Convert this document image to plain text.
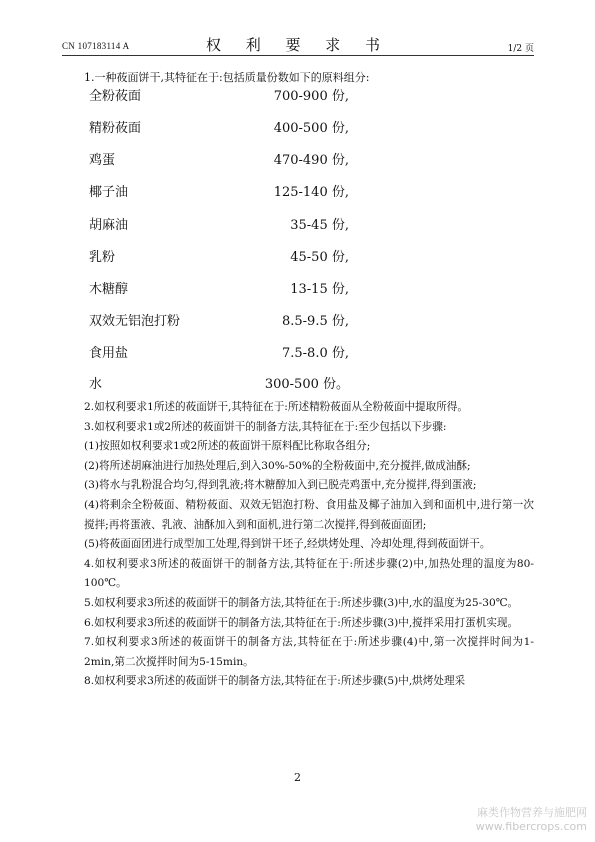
CN 107183114 A	权 利 要 求 书	1/2 页
1.一种莜面饼干,其特征在于:包括质量份数如下的原料组分:
全粉莜面	700-900 份,
精粉莜面	400-500 份,
鸡蛋	470-490 份,
椰子油	125-140 份,
胡麻油	35-45 份,
乳粉	45-50 份,
木糖醇	13-15 份,
双效无铝泡打粉	8.5-9.5 份,
食用盐	7.5-8.0 份,
水	300-500 份。

2.如权利要求1所述的莜面饼干,其特征在于:所述精粉莜面从全粉莜面中提取所得。

3.如权利要求1或2所述的莜面饼干的制备方法,其特征在于:至少包括以下步骤:

(1)按照如权利要求1或2所述的莜面饼干原料配比称取各组分;

(2)将所述胡麻油进行加热处理后,到入30%-50%的全粉莜面中,充分搅拌,做成油酥;

(3)将水与乳粉混合均匀,得到乳液;将木糖醇加入到已脱壳鸡蛋中,充分搅拌,得到蛋液;

(4)将剩余全粉莜面、精粉莜面、双效无铝泡打粉、食用盐及椰子油加入到和面机中,进行第一次搅拌;再将蛋液、乳液、油酥加入到和面机,进行第二次搅拌,得到莜面面团;

(5)将莜面面团进行成型加工处理,得到饼干坯子,经烘烤处理、冷却处理,得到莜面饼干。

4.如权利要求3所述的莜面饼干的制备方法,其特征在于:所述步骤(2)中,加热处理的温度为80-100℃。

5.如权利要求3所述的莜面饼干的制备方法,其特征在于:所述步骤(3)中,水的温度为25-30℃。

6.如权利要求3所述的莜面饼干的制备方法,其特征在于:所述步骤(3)中,搅拌采用打蛋机实现。

7.如权利要求3所述的莜面饼干的制备方法,其特征在于:所述步骤(4)中,第一次搅拌时间为1-2min,第二次搅拌时间为5-15min。

8.如权利要求3所述的莜面饼干的制备方法,其特征在于:所述步骤(5)中,烘烤处理采

2
麻类作物营养与施肥网
www.fibercrops.com
